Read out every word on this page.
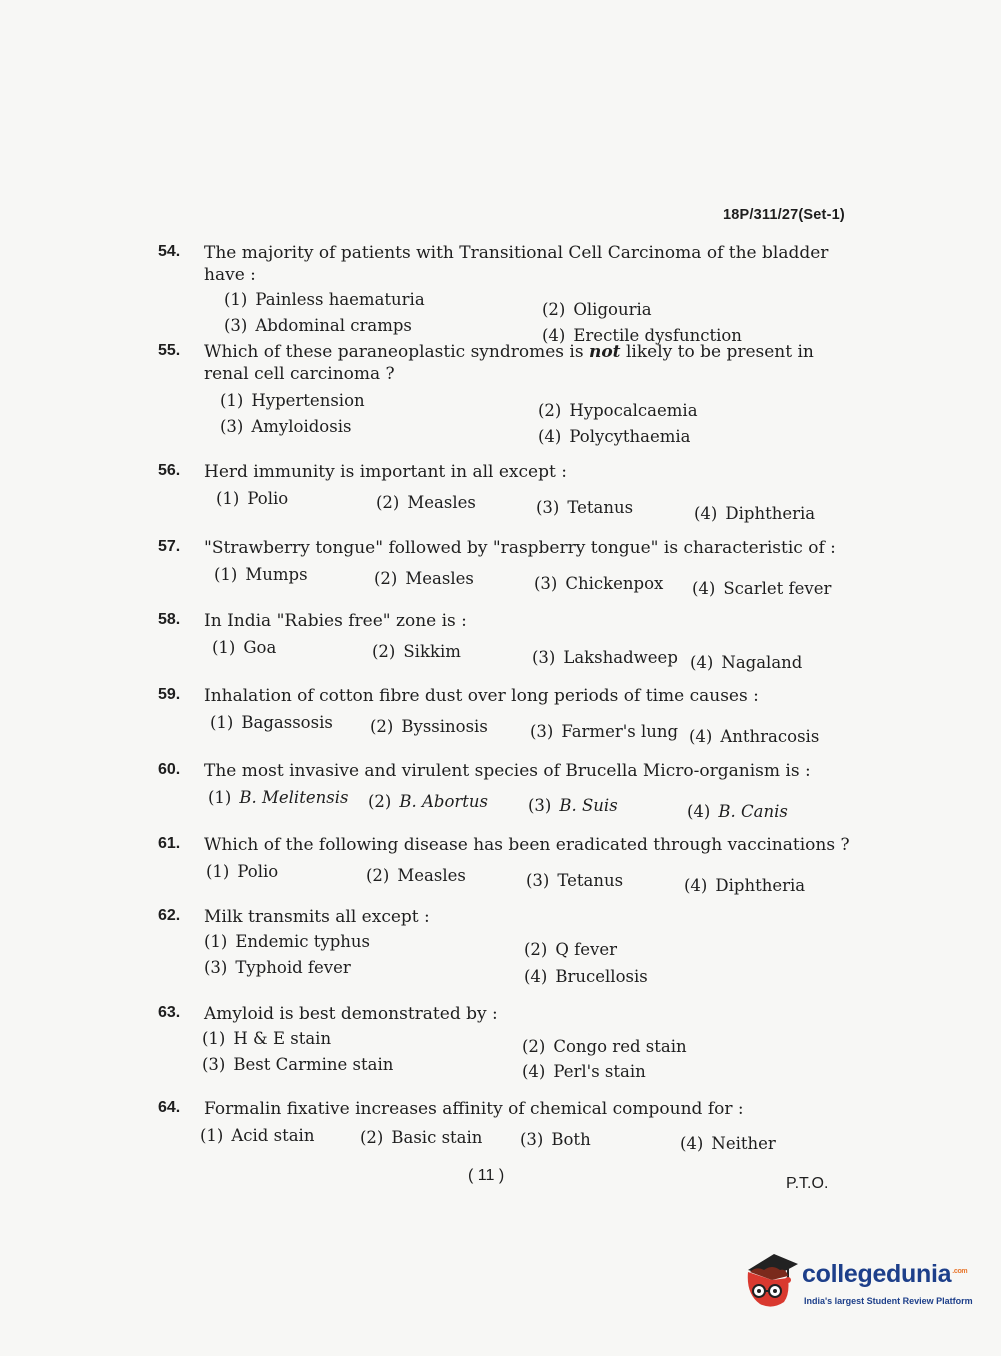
18P/311/27(Set-1)
54.	The majority of patients with Transitional Cell Carcinoma of the bladder have :
(1) Painless haematuria
(2) Oligouria
(3) Abdominal cramps
(4) Erectile dysfunction
55.	Which of these paraneoplastic syndromes is not likely to be present in renal cell carcinoma ?
(1) Hypertension
(2) Hypocalcaemia
(3) Amyloidosis
(4) Polycythaemia
56.	Herd immunity is important in all except :
(1) Polio	(2) Measles	(3) Tetanus	(4) Diphtheria
57.	"Strawberry tongue" followed by "raspberry tongue" is characteristic of :
(1) Mumps	(2) Measles	(3) Chickenpox (4) Scarlet fever
58.	In India "Rabies free" zone is :
(1) Goa	(2) Sikkim	(3) Lakshadweep (4) Nagaland
59.	Inhalation of cotton fibre dust over long periods of time causes :
(1) Bagassosis (2) Byssinosis	(3) Farmer's lung (4) Anthracosis
60.	The most invasive and virulent species of Brucella Micro-organism is :
(1) B. Melitensis (2) B. Abortus (3) B. Suis	(4) B. Canis
61.	Which of the following disease has been eradicated through vaccinations ?
(1) Polio	(2) Measles	(3) Tetanus	(4) Diphtheria
62.	Milk transmits all except :
(1) Endemic typhus	(2) Q fever
(3) Typhoid fever	(4) Brucellosis
63.	Amyloid is best demonstrated by :
(1) H & E stain	(2) Congo red stain
(3) Best Carmine stain	(4) Perl's stain
64.	Formalin fixative increases affinity of chemical compound for :
(1) Acid stain	(2) Basic stain (3) Both	(4) Neither
( 11 )	P.T.O.
collegedunia$^{.com}$
India's largest Student Review Platform
